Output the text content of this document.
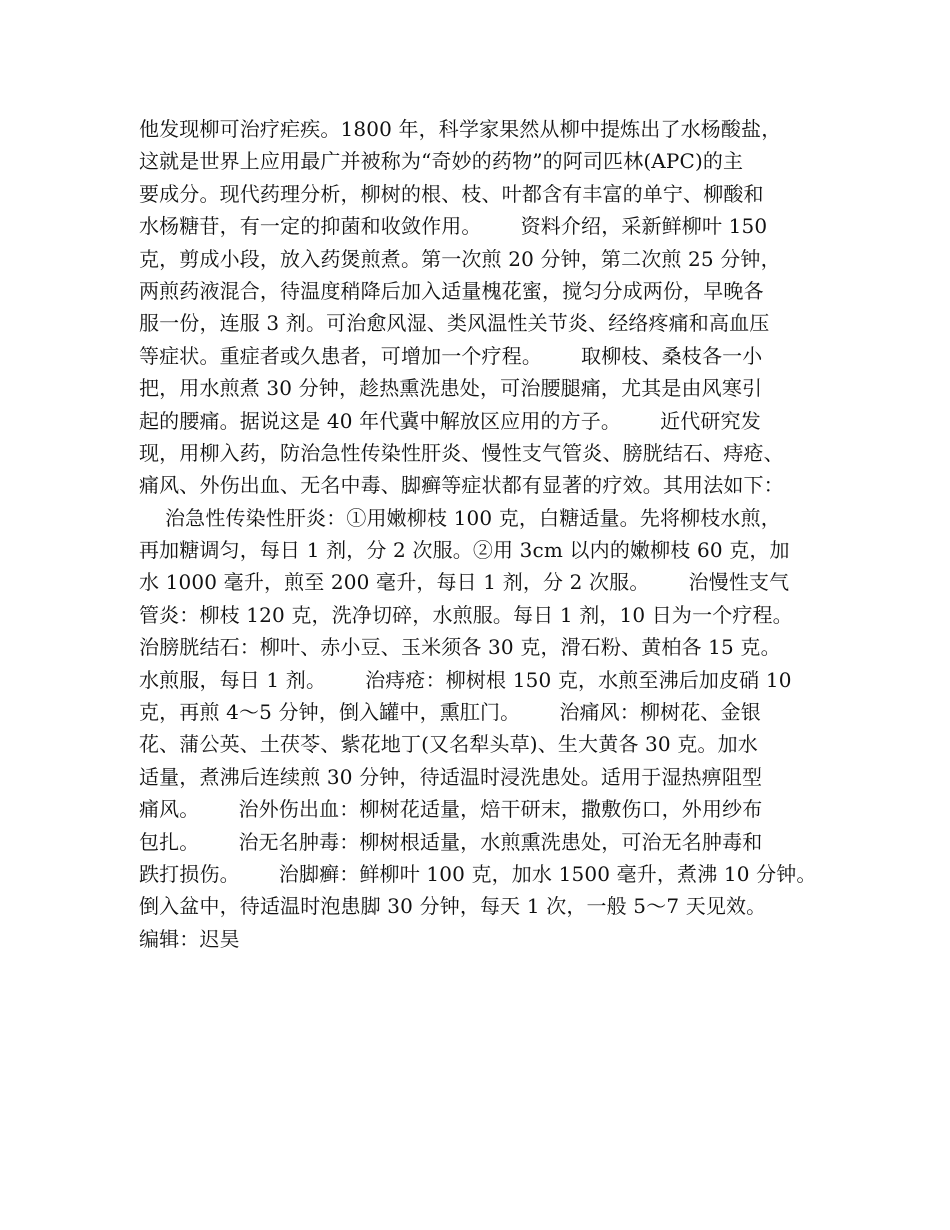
他发现柳可治疗疟疾。1800 年，科学家果然从柳中提炼出了水杨酸盐，
这就是世界上应用最广并被称为“奇妙的药物”的阿司匹林(APC)的主
要成分。现代药理分析，柳树的根、枝、叶都含有丰富的单宁、柳酸和
水杨糖苷，有一定的抑菌和收敛作用。      资料介绍，采新鲜柳叶 150
克，剪成小段，放入药煲煎煮。第一次煎 20 分钟，第二次煎 25 分钟，
两煎药液混合，待温度稍降后加入适量槐花蜜，搅匀分成两份，早晚各
服一份，连服 3 剂。可治愈风湿、类风温性关节炎、经络疼痛和高血压
等症状。重症者或久患者，可增加一个疗程。      取柳枝、桑枝各一小
把，用水煎煮 30 分钟，趁热熏洗患处，可治腰腿痛，尤其是由风寒引
起的腰痛。据说这是 40 年代冀中解放区应用的方子。      近代研究发
现，用柳入药，防治急性传染性肝炎、慢性支气管炎、膀胱结石、痔疮、
痛风、外伤出血、无名中毒、脚癣等症状都有显著的疗效。其用法如下：
治急性传染性肝炎：①用嫩柳枝 100 克，白糖适量。先将柳枝水煎，
再加糖调匀，每日 1 剂，分 2 次服。②用 3cm 以内的嫩柳枝 60 克，加
水 1000 毫升，煎至 200 毫升，每日 1 剂，分 2 次服。      治慢性支气
管炎：柳枝 120 克，洗净切碎，水煎服。每日 1 剂，10 日为一个疗程。
治膀胱结石：柳叶、赤小豆、玉米须各 30 克，滑石粉、黄柏各 15 克。
水煎服，每日 1 剂。      治痔疮：柳树根 150 克，水煎至沸后加皮硝 10
克，再煎 4～5 分钟，倒入罐中，熏肛门。      治痛风：柳树花、金银
花、蒲公英、土茯苓、紫花地丁(又名犁头草)、生大黄各 30 克。加水
适量，煮沸后连续煎 30 分钟，待适温时浸洗患处。适用于湿热痹阻型
痛风。      治外伤出血：柳树花适量，焙干研末，撒敷伤口，外用纱布
包扎。      治无名肿毒：柳树根适量，水煎熏洗患处，可治无名肿毒和
跌打损伤。      治脚癣：鲜柳叶 100 克，加水 1500 毫升，煮沸 10 分钟。
倒入盆中，待适温时泡患脚 30 分钟，每天 1 次，一般 5～7 天见效。
编辑：迟昊
